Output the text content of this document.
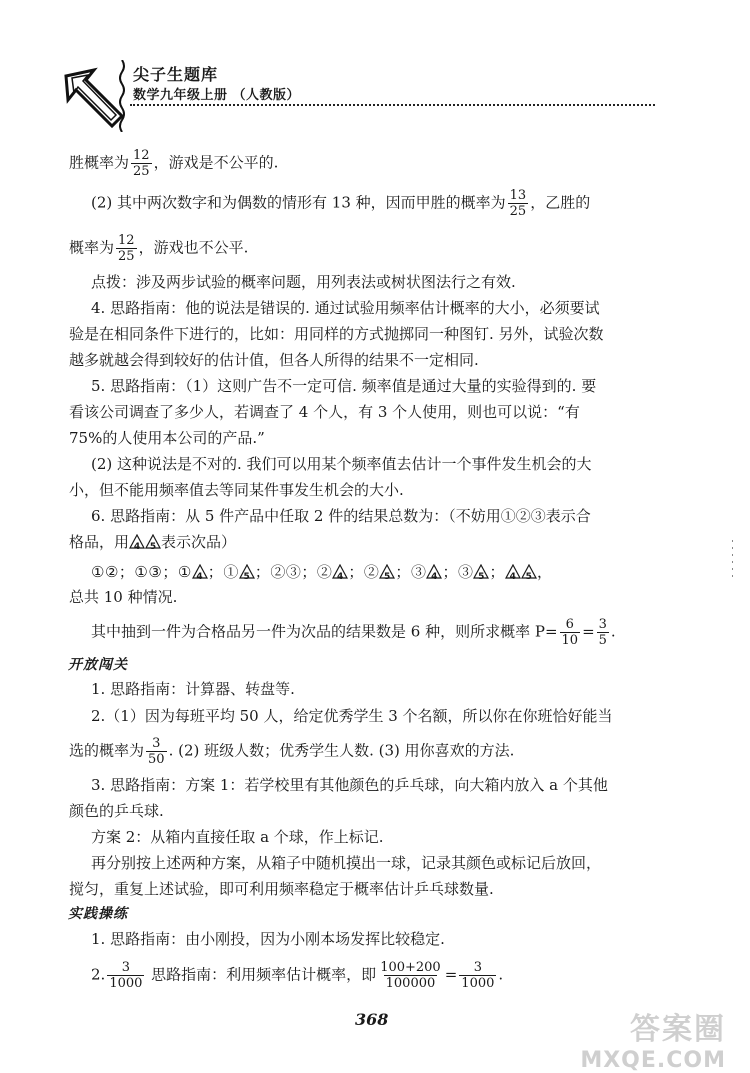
尖子生题库
数学九年级上册 （人教版）
胜概率为 $\frac{12}{25}$ ，游戏是不公平的.
(2) 其中两次数字和为偶数的情形有 13 种，因而甲胜的概率为 $\frac{13}{25}$ ，乙胜的
概率为 $\frac{12}{25}$ ，游戏也不公平.
点拨：涉及两步试验的概率问题，用列表法或树状图法行之有效.
4. 思路指南：他的说法是错误的. 通过试验用频率估计概率的大小，必须要试
验是在相同条件下进行的，比如：用同样的方式抛掷同一种图钉. 另外，试验次数
越多就越会得到较好的估计值，但各人所得的结果不一定相同.
5. 思路指南：（1）这则广告不一定可信. 频率值是通过大量的实验得到的. 要
看该公司调查了多少人，若调查了 4 个人，有 3 个人使用，则也可以说：“有
75%的人使用本公司的产品.”
(2) 这种说法是不对的. 我们可以用某个频率值去估计一个事件发生机会的大
小，但不能用频率值去等同某件事发生机会的大小.
6. 思路指南：从 5 件产品中任取 2 件的结果总数为：（不妨用①②③表示合
格品，用 4	5 表示次品）
①②；①③；① 4 ；① 5 ；②③；② 4 ；② 5 ；③ 4 ；③ 5 ； 4	5 ，
总共 10 种情况.
其中抽到一件为合格品另一件为次品的结果数是 6 种，则所求概率 $P= \frac{6}{10} = \frac{3}{5}$ .
开放闯关
1. 思路指南：计算器、转盘等.
2.（1）因为每班平均 50 人，给定优秀学生 3 个名额，所以你在你班恰好能当
选的概率为 $\frac{3}{50}$ . (2) 班级人数；优秀学生人数. (3) 用你喜欢的方法.
3. 思路指南：方案 1：若学校里有其他颜色的乒乓球，向大箱内放入 a 个其他
颜色的乒乓球.
方案 2：从箱内直接任取 a 个球，作上标记.
再分别按上述两种方案，从箱子中随机摸出一球，记录其颜色或标记后放回，
搅匀，重复上述试验，即可利用频率稳定于概率估计乒乓球数量.
实践操练
1. 思路指南：由小刚投，因为小刚本场发挥比较稳定.
2. $\frac{3}{1000}$ 思路指南：利用频率估计概率，即 $\frac{100+200}{100000} = \frac{3}{1000}$ .
368	答案圈
MXQE.COM
